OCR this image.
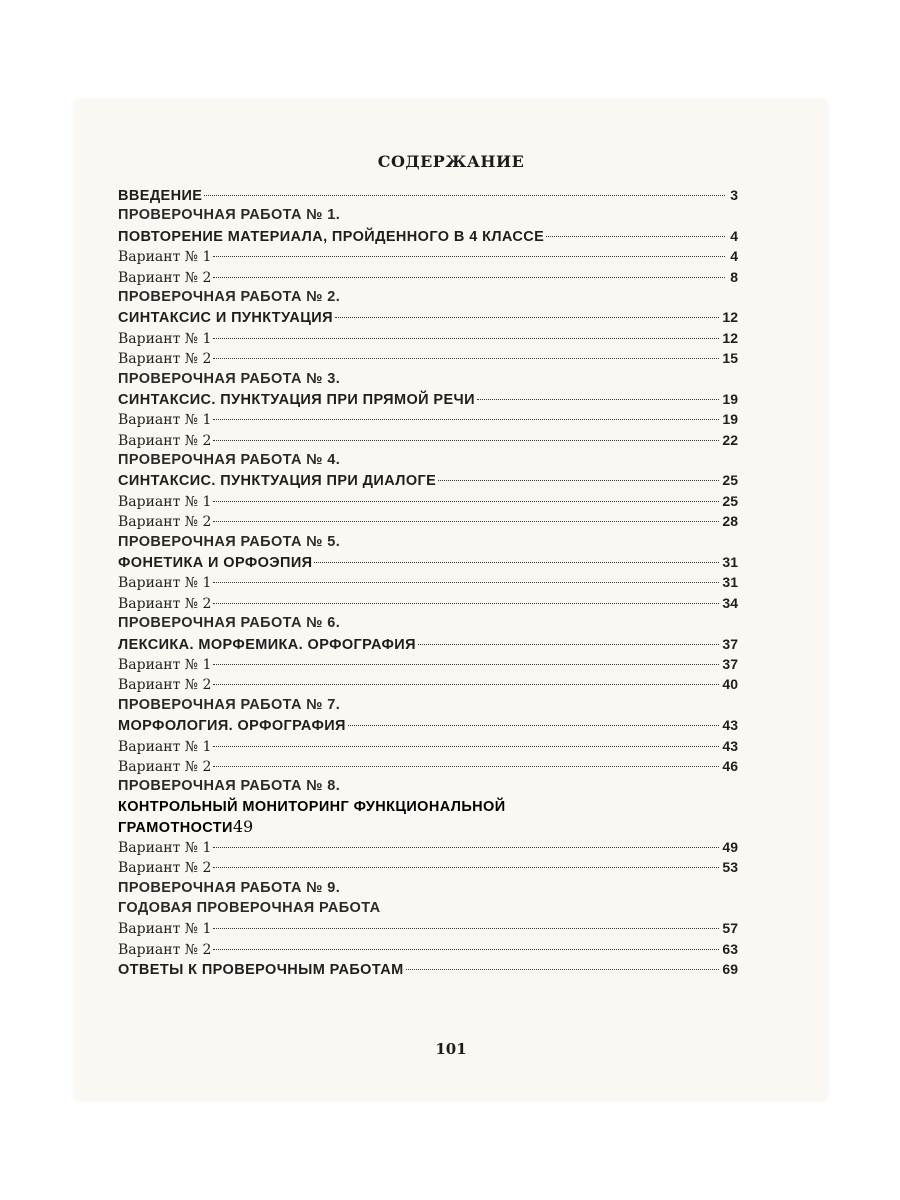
СОДЕРЖАНИЕ
ВВЕДЕНИЕ	3
ПРОВЕРОЧНАЯ РАБОТА № 1.
ПОВТОРЕНИЕ МАТЕРИАЛА, ПРОЙДЕННОГО В 4 КЛАССЕ	4
Вариант № 1	4
Вариант № 2	8
ПРОВЕРОЧНАЯ РАБОТА № 2.
СИНТАКСИС И ПУНКТУАЦИЯ	12
Вариант № 1	12
Вариант № 2	15
ПРОВЕРОЧНАЯ РАБОТА № 3.
СИНТАКСИС. ПУНКТУАЦИЯ ПРИ ПРЯМОЙ РЕЧИ	19
Вариант № 1	19
Вариант № 2	22
ПРОВЕРОЧНАЯ РАБОТА № 4.
СИНТАКСИС. ПУНКТУАЦИЯ ПРИ ДИАЛОГЕ	25
Вариант № 1	25
Вариант № 2	28
ПРОВЕРОЧНАЯ РАБОТА № 5.
ФОНЕТИКА И ОРФОЭПИЯ	31
Вариант № 1	31
Вариант № 2	34
ПРОВЕРОЧНАЯ РАБОТА № 6.
ЛЕКСИКА. МОРФЕМИКА. ОРФОГРАФИЯ	37
Вариант № 1	37
Вариант № 2	40
ПРОВЕРОЧНАЯ РАБОТА № 7.
МОРФОЛОГИЯ. ОРФОГРАФИЯ	43
Вариант № 1	43
Вариант № 2	46
ПРОВЕРОЧНАЯ РАБОТА № 8.
КОНТРОЛЬНЫЙ МОНИТОРИНГ ФУНКЦИОНАЛЬНОЙ
ГРАМОТНОСТИ 49
Вариант № 1	49
Вариант № 2	53
ПРОВЕРОЧНАЯ РАБОТА № 9.
ГОДОВАЯ ПРОВЕРОЧНАЯ РАБОТА
Вариант № 1	57
Вариант № 2	63
ОТВЕТЫ К ПРОВЕРОЧНЫМ РАБОТАМ	69
101
